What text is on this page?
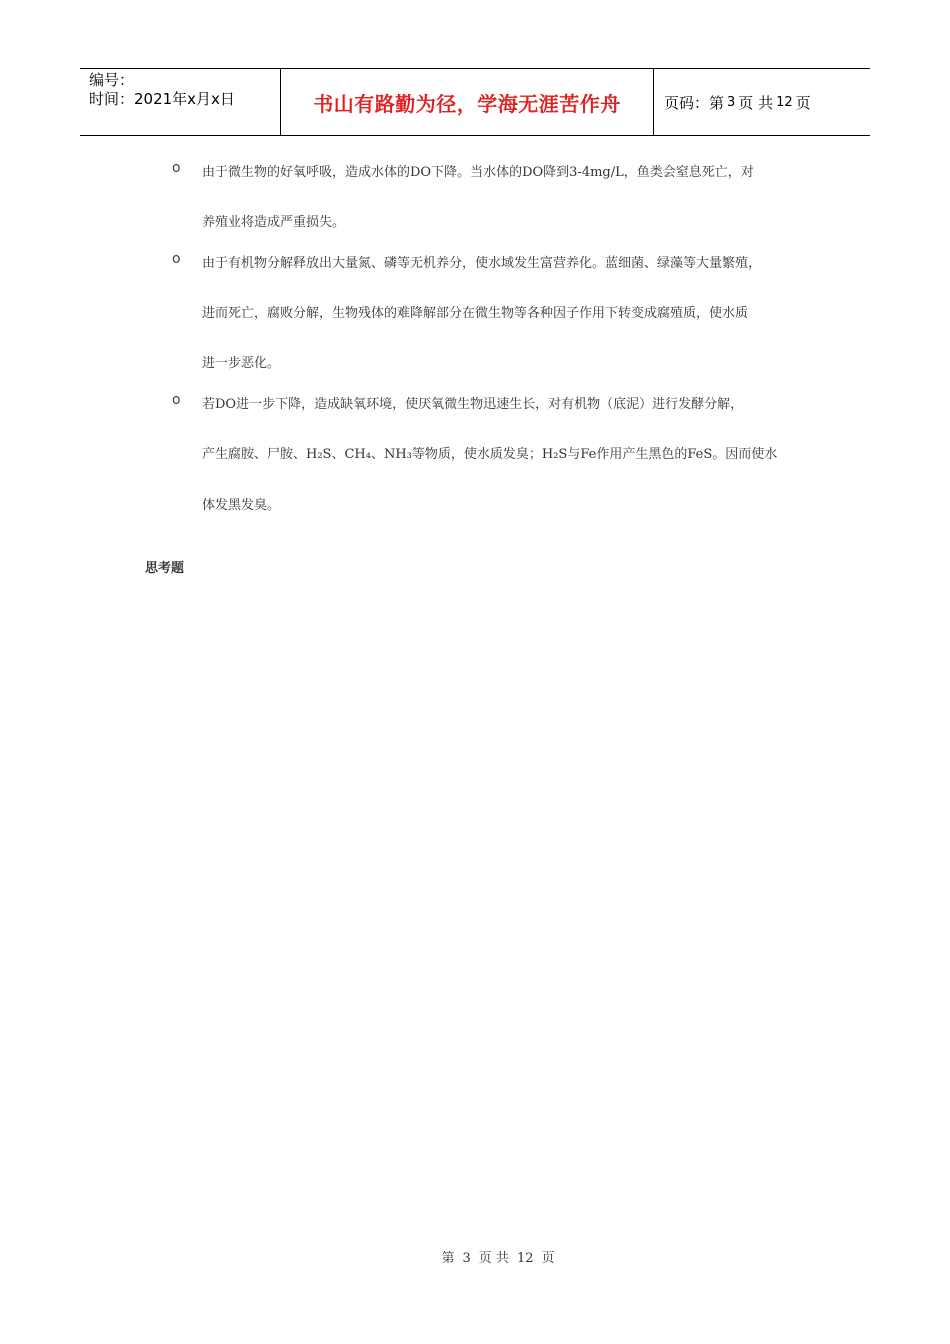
编号：
时间：2021年x月x日	书山有路勤为径，学海无涯苦作舟	页码：第 3 页 共 12 页
o 由于微生物的好氧呼吸，造成水体的DO下降。当水体的DO降到3-4mg/L，鱼类会窒息死亡，对
养殖业将造成严重损失。
o 由于有机物分解释放出大量氮、磷等无机养分，使水域发生富营养化。蓝细菌、绿藻等大量繁殖，
进而死亡，腐败分解，生物残体的难降解部分在微生物等各种因子作用下转变成腐殖质，使水质
进一步恶化。
o 若DO进一步下降，造成缺氧环境，使厌氧微生物迅速生长，对有机物（底泥）进行发酵分解，
产生腐胺、尸胺、H₂S、CH₄、NH₃等物质，使水质发臭；H₂S与Fe作用产生黑色的FeS。因而使水
体发黑发臭。
思考题
第 3 页 共 12 页
